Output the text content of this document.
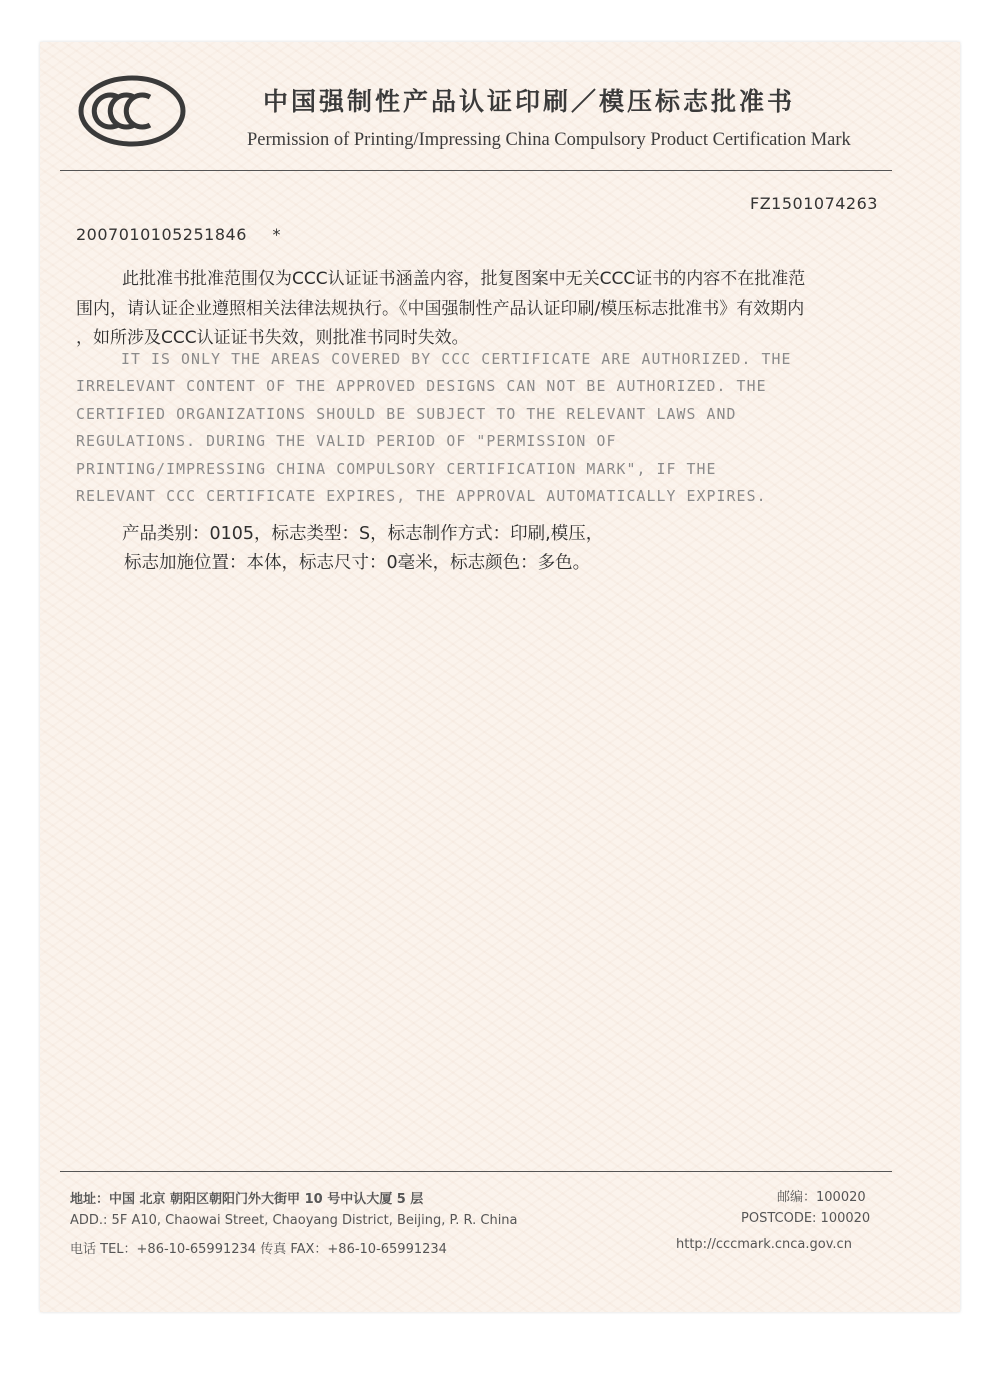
中国强制性产品认证印刷／模压标志批准书
Permission of Printing/Impressing China Compulsory Product Certification Mark
FZ1501074263
2007010105251846 *
此批准书批准范围仅为CCC认证证书涵盖内容，批复图案中无关CCC证书的内容不在批准范
围内，请认证企业遵照相关法律法规执行。《中国强制性产品认证印刷/模压标志批准书》有效期内
，如所涉及CCC认证证书失效，则批准书同时失效。
IT IS ONLY THE AREAS COVERED BY CCC CERTIFICATE ARE AUTHORIZED. THE
IRRELEVANT CONTENT OF THE APPROVED DESIGNS CAN NOT BE AUTHORIZED. THE
CERTIFIED ORGANIZATIONS SHOULD BE SUBJECT TO THE RELEVANT LAWS AND
REGULATIONS. DURING THE VALID PERIOD OF "PERMISSION OF
PRINTING/IMPRESSING CHINA COMPULSORY CERTIFICATION MARK", IF THE
RELEVANT CCC CERTIFICATE EXPIRES, THE APPROVAL AUTOMATICALLY EXPIRES.
产品类别：0105，标志类型：S，标志制作方式：印刷,模压，
标志加施位置：本体，标志尺寸：0毫米，标志颜色：多色。
地址：中国 北京 朝阳区朝阳门外大街甲 10 号中认大厦 5 层
ADD.: 5F A10, Chaowai Street, Chaoyang District, Beijing, P. R. China
电话 TEL：+86-10-65991234 传真 FAX：+86-10-65991234
邮编：100020
POSTCODE: 100020
http://cccmark.cnca.gov.cn
